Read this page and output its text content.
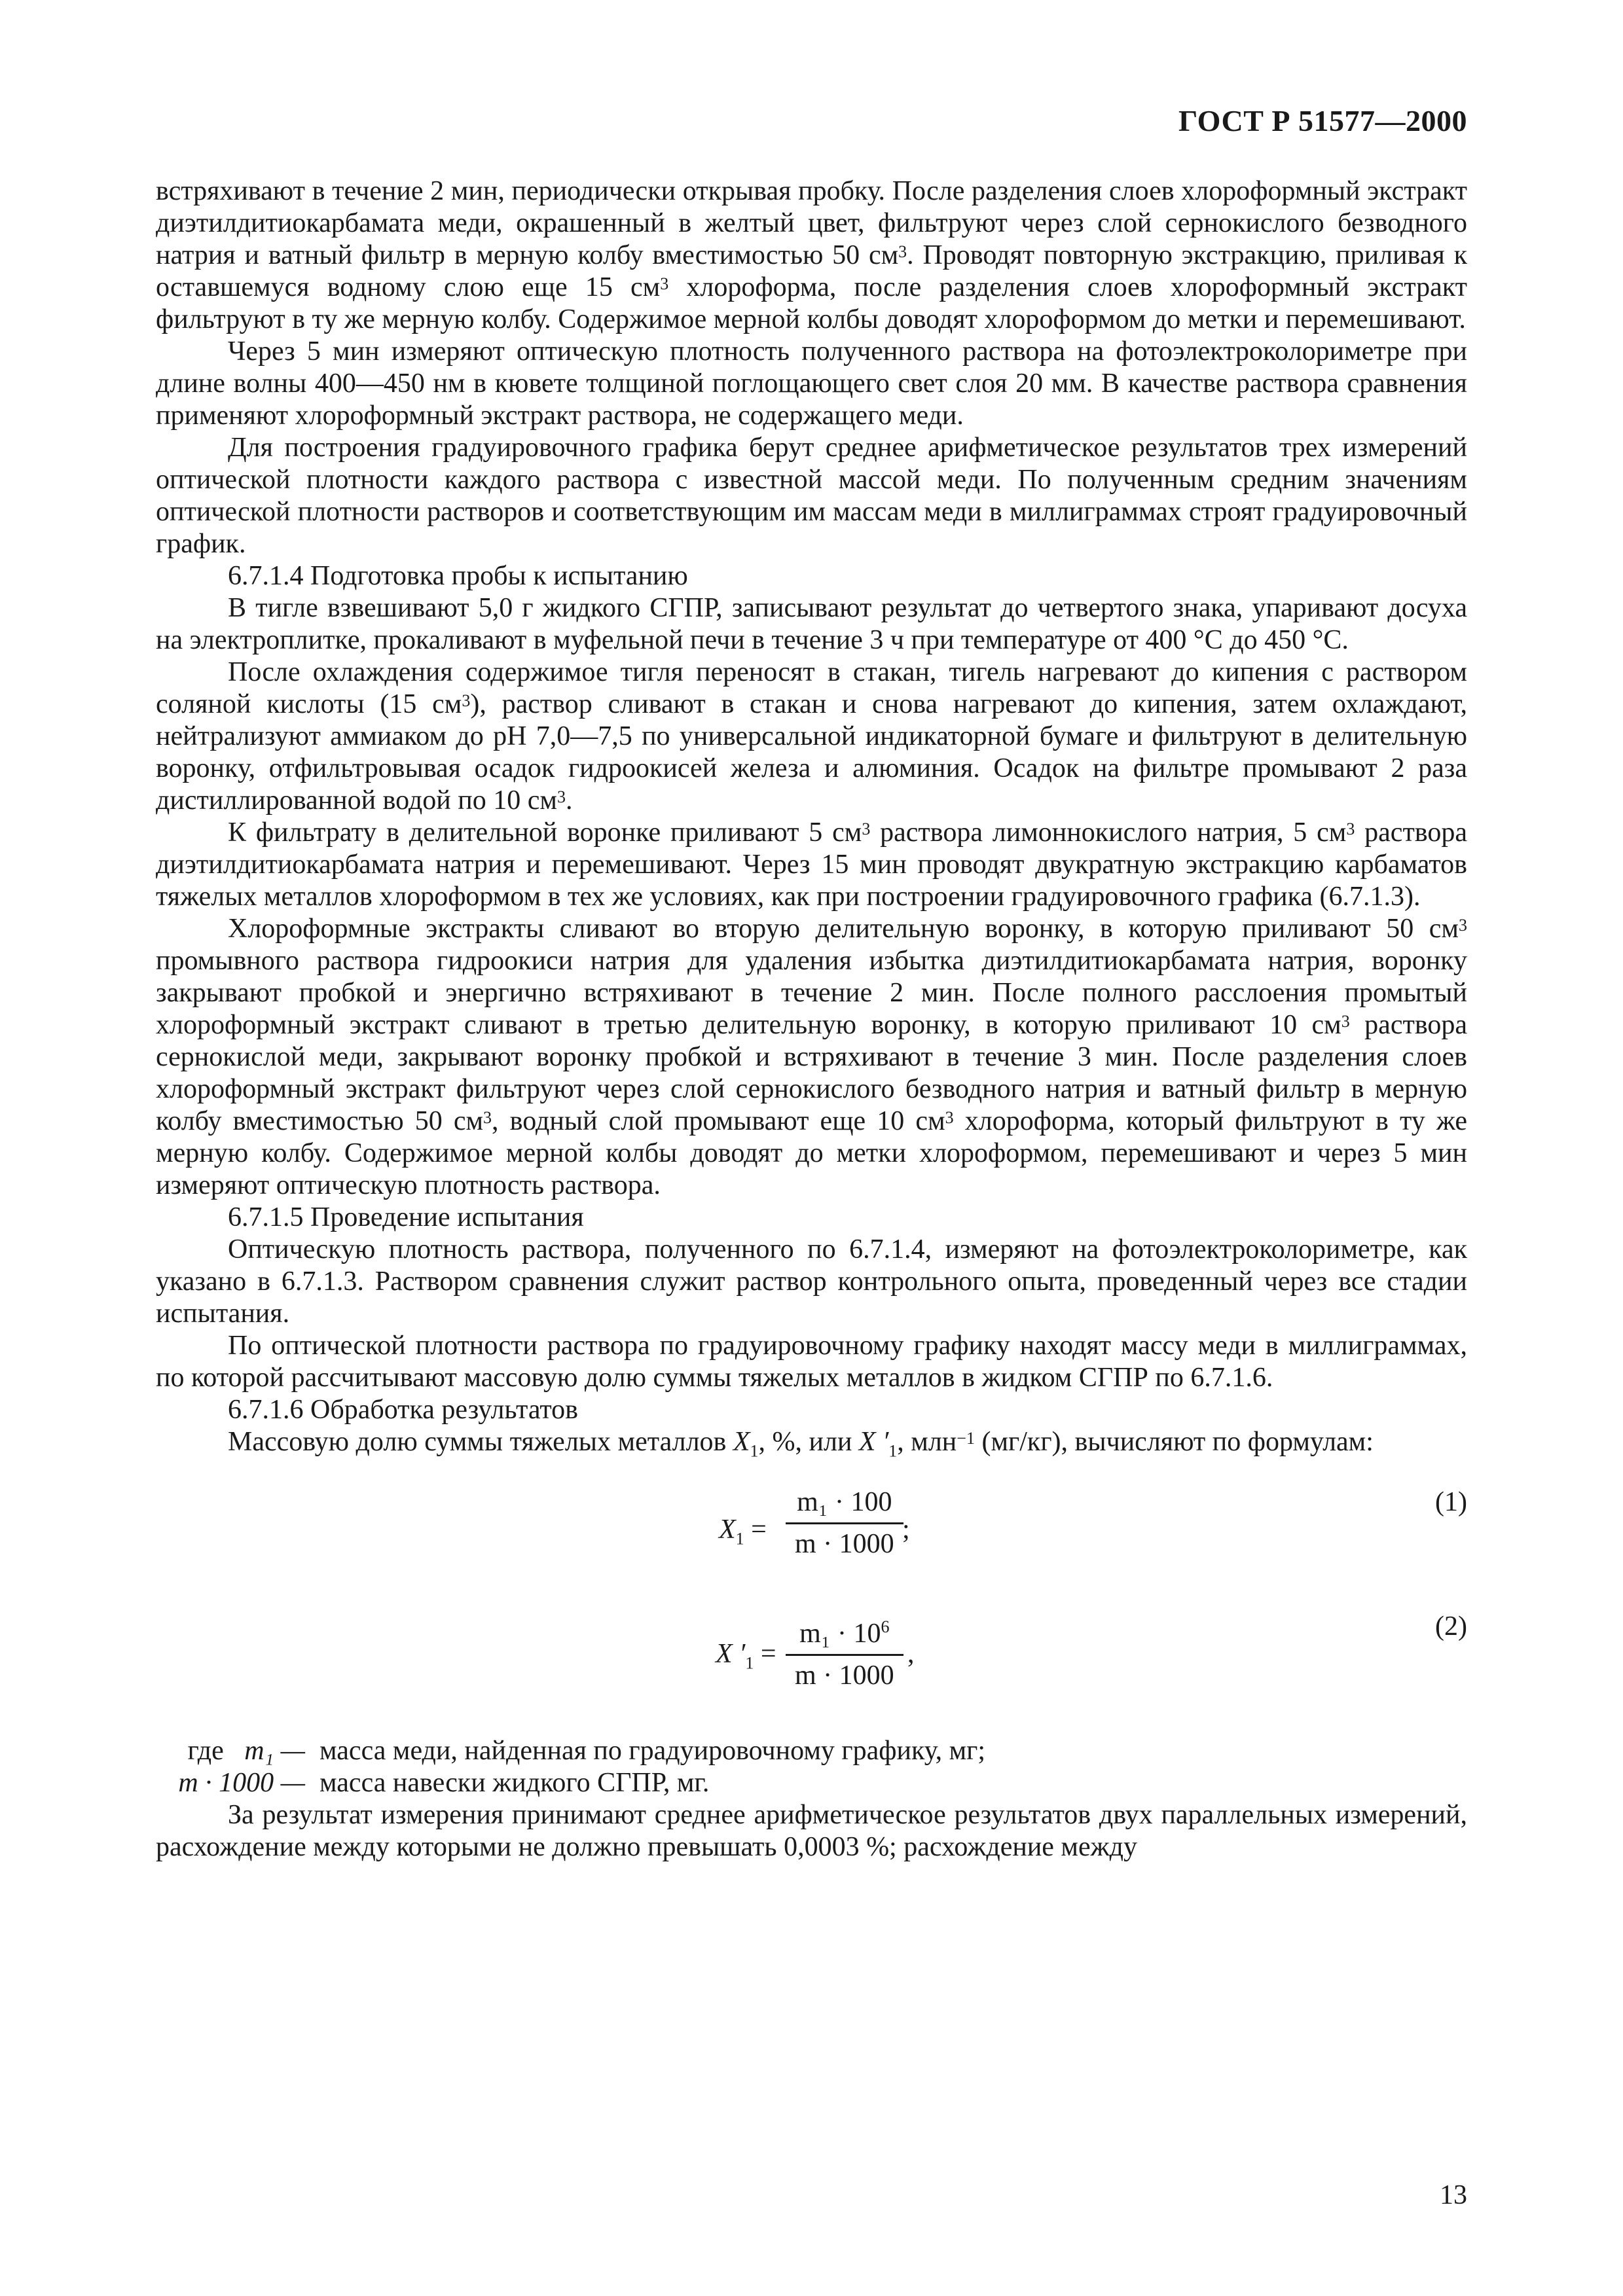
ГОСТ Р 51577—2000

встряхивают в течение 2 мин, периодически открывая пробку. После разделения слоев хлороформный экстракт диэтилдитиокарбамата меди, окрашенный в желтый цвет, фильтруют через слой сернокислого безводного натрия и ватный фильтр в мерную колбу вместимостью 50 $см^3$. Проводят повторную экстракцию, приливая к оставшемуся водному слою еще 15 $см^3$ хлороформа, после разделения слоев хлороформный экстракт фильтруют в ту же мерную колбу. Содержимое мерной колбы доводят хлороформом до метки и перемешивают.

Через 5 мин измеряют оптическую плотность полученного раствора на фотоэлектроколориметре при длине волны 400—450 нм в кювете толщиной поглощающего свет слоя 20 мм. В качестве раствора сравнения применяют хлороформный экстракт раствора, не содержащего меди.

Для построения градуировочного графика берут среднее арифметическое результатов трех измерений оптической плотности каждого раствора с известной массой меди. По полученным средним значениям оптической плотности растворов и соответствующим им массам меди в миллиграммах строят градуировочный график.

6.7.1.4 Подготовка пробы к испытанию

В тигле взвешивают 5,0 г жидкого СГПР, записывают результат до четвертого знака, упаривают досуха на электроплитке, прокаливают в муфельной печи в течение 3 ч при температуре от 400 °С до 450 °С.

После охлаждения содержимое тигля переносят в стакан, тигель нагревают до кипения с раствором соляной кислоты (15 $см^3$), раствор сливают в стакан и снова нагревают до кипения, затем охлаждают, нейтрализуют аммиаком до pH 7,0—7,5 по универсальной индикаторной бумаге и фильтруют в делительную воронку, отфильтровывая осадок гидроокисей железа и алюминия. Осадок на фильтре промывают 2 раза дистиллированной водой по 10 $см^3$.

К фильтрату в делительной воронке приливают 5 $см^3$ раствора лимоннокислого натрия, 5 $см^3$ раствора диэтилдитиокарбамата натрия и перемешивают. Через 15 мин проводят двукратную экстракцию карбаматов тяжелых металлов хлороформом в тех же условиях, как при построении градуировочного графика (6.7.1.3).

Хлороформные экстракты сливают во вторую делительную воронку, в которую приливают 50 $см^3$ промывного раствора гидроокиси натрия для удаления избытка диэтилдитиокарбамата натрия, воронку закрывают пробкой и энергично встряхивают в течение 2 мин. После полного расслоения промытый хлороформный экстракт сливают в третью делительную воронку, в которую приливают 10 $см^3$ раствора сернокислой меди, закрывают воронку пробкой и встряхивают в течение 3 мин. После разделения слоев хлороформный экстракт фильтруют через слой сернокислого безводного натрия и ватный фильтр в мерную колбу вместимостью 50 $см^3$, водный слой промывают еще 10 $см^3$ хлороформа, который фильтруют в ту же мерную колбу. Содержимое мерной колбы доводят до метки хлороформом, перемешивают и через 5 мин измеряют оптическую плотность раствора.

6.7.1.5 Проведение испытания

Оптическую плотность раствора, полученного по 6.7.1.4, измеряют на фотоэлектроколориметре, как указано в 6.7.1.3. Раствором сравнения служит раствор контрольного опыта, проведенный через все стадии испытания.

По оптической плотности раствора по градуировочному графику находят массу меди в миллиграммах, по которой рассчитывают массовую долю суммы тяжелых металлов в жидком СГПР по 6.7.1.6.

6.7.1.6 Обработка результатов

Массовую долю суммы тяжелых металлов $X_1$, %, или X $'_1$, млн$^{-1}$ (мг/кг), вычисляют по формулам:

$X_1 = \frac{\text{m₁ · 100}}{m \cdot 1000}$
;
(1)
X $'_1 = \frac{m_1 \cdot 10^6}{m \cdot 1000}$ ,
(2)
где m₁ — масса меди, найденная по градуировочному графику, мг;
m · 1000 — масса навески жидкого СГПР, мг.

За результат измерения принимают среднее арифметическое результатов двух параллельных измерений, расхождение между которыми не должно превышать 0,0003 %; расхождение между

13
